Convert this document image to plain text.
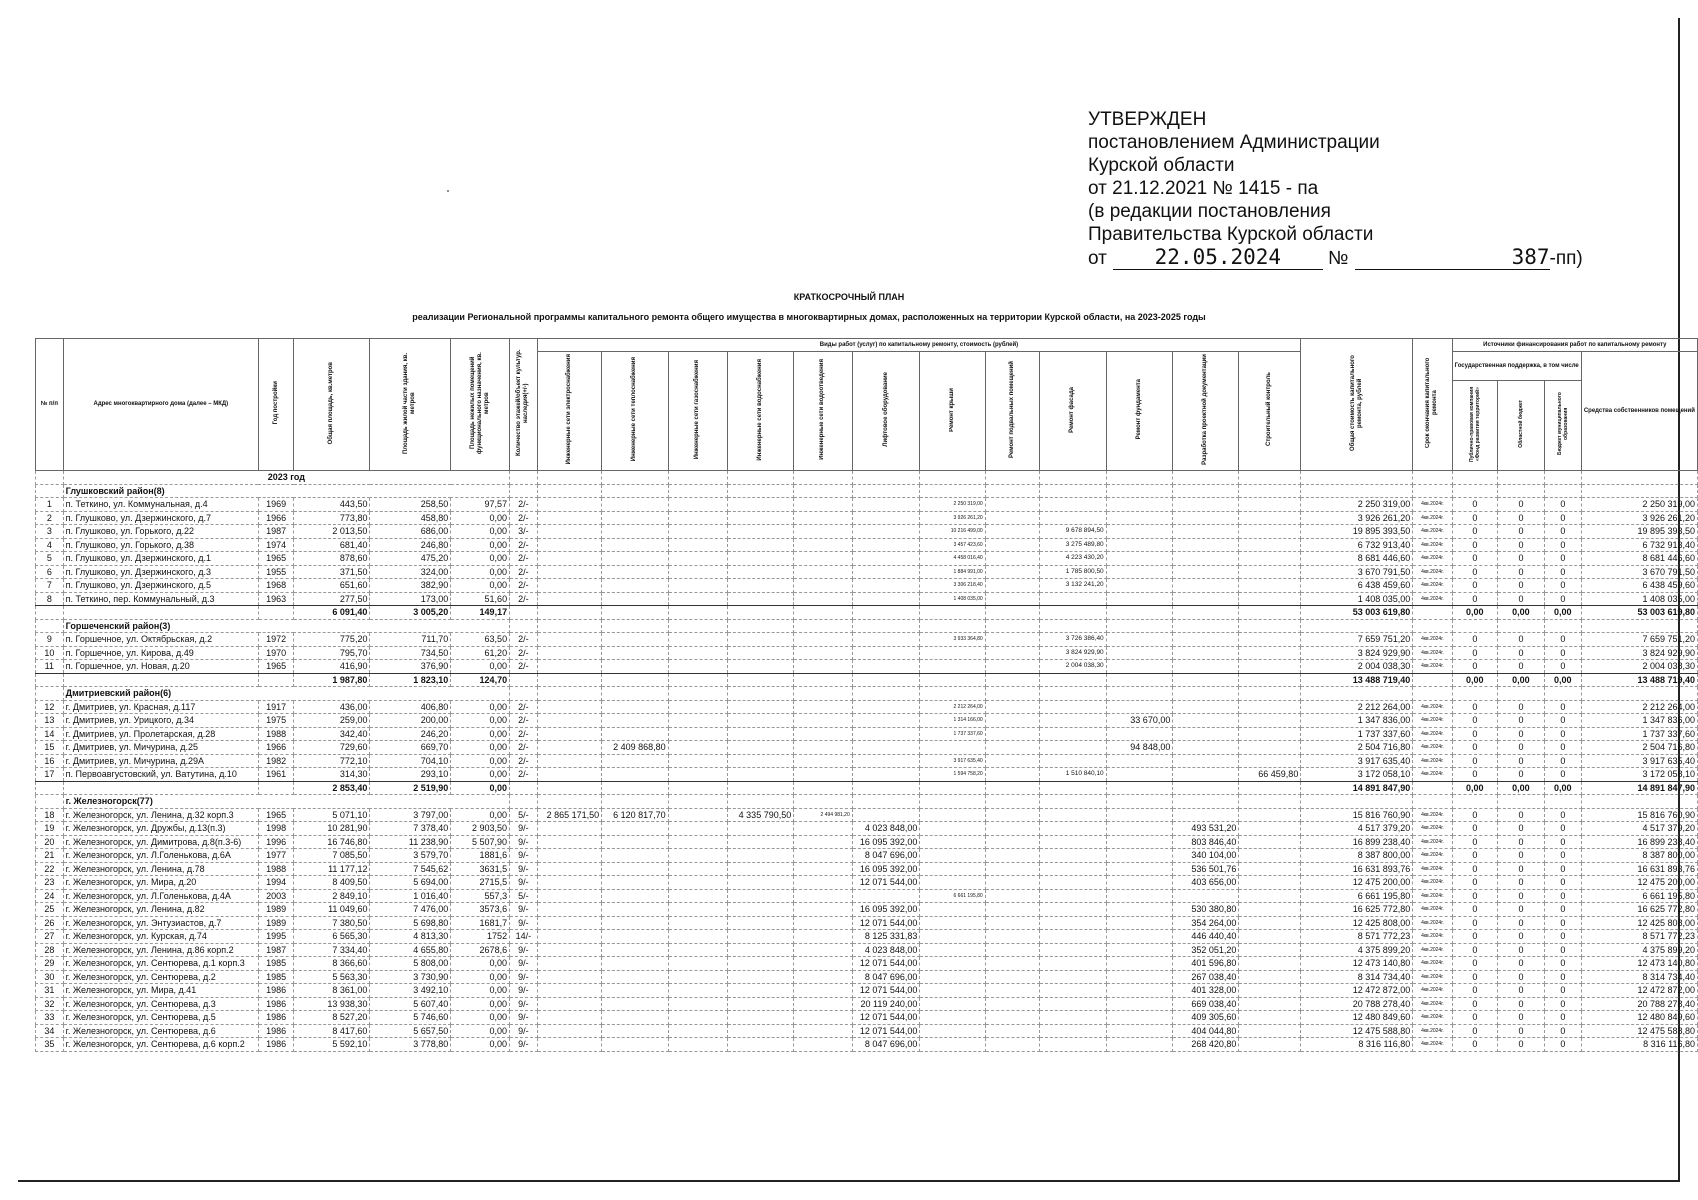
УТВЕРЖДЕН
постановлением Администрации
Курской области
от 21.12.2021 № 1415 - па
(в редакции постановления
Правительства Курской области
от 22.05.2024 №	387-пп)
КРАТКОСРОЧНЫЙ ПЛАН
реализации Региональной программы капитального ремонта общего имущества в многоквартирных домах, расположенных на территории Курской области, на 2023-2025 годы
№ п/п	Адрес многоквартирного дома (далее – МКД)	Год постройки	Общая площадь, кв.метров	Площадь жилой части здания, кв. метров	Площадь нежилых помещений функционального назначения, кв. метров	Количество этажей/объект культур. наследия(+/-)	Виды работ (услуг) по капитальному ремонту, стоимость (рублей)												Общая стоимость капитального ремонта, рублей	Срок окончания капитального ремонта	Источники финансирования работ по капитальному ремонту			
							Инженерные сети электроснабжения	Инженерные сети теплоснабжения	Инженерные сети газоснабжения	Инженерные сети водоснабжения	Инженерные сети водоотведения	Лифтовое оборудование	Ремонт крыши	Ремонт подвальных помещений	Ремонт фасада	Ремонт фундамента	Разработка проектной документации	Строительный контроль			Государственная поддержка, в том числе			Средства собственников помещений
																					Публично-правовая компания «Фонд развития территорий»	Областной бюджет	Бюджет муниципального образования	
	2023 год																							
	Глушковский район(8)																							
1	п. Теткино, ул. Коммунальная, д.4	1969	443,50	258,50	97,57	2/-							2 250 319,00						2 250 319,00	4кв.2024г.	0	0	0	2 250 319,00
2	п. Глушково, ул. Дзержинского, д.7	1966	773,80	458,80	0,00	2/-							3 926 261,20						3 926 261,20	4кв.2024г.	0	0	0	3 926 261,20
3	п. Глушково, ул. Горького, д.22	1987	2 013,50	686,00	0,00	3/-							10 216 499,00		9 678 894,50				19 895 393,50	4кв.2024г.	0	0	0	19 895 393,50
4	п. Глушково, ул. Горького, д.38	1974	681,40	246,80	0,00	2/-							3 457 423,60		3 275 489,80				6 732 913,40	4кв.2024г.	0	0	0	6 732 913,40
5	п. Глушково, ул. Дзержинского, д.1	1965	878,60	475,20	0,00	2/-							4 458 016,40		4 223 430,20				8 681 446,60	4кв.2024г.	0	0	0	8 681 446,60
6	п. Глушково, ул. Дзержинского, д.3	1955	371,50	324,00	0,00	2/-							1 884 991,00		1 785 800,50				3 670 791,50	4кв.2024г.	0	0	0	3 670 791,50
7	п. Глушково, ул. Дзержинского, д.5	1968	651,60	382,90	0,00	2/-							3 306 218,40		3 132 241,20				6 438 459,60	4кв.2024г.	0	0	0	6 438 459,60
8	п. Теткино, пер. Коммунальный, д.3	1963	277,50	173,00	51,60	2/-							1 408 035,00						1 408 035,00	4кв.2024г.	0	0	0	1 408 035,00
			6 091,40	3 005,20	149,17														53 003 619,80		0,00	0,00	0,00	53 003 619,80
	Горшеченский район(3)																							
9	п. Горшечное, ул. Октябрьская, д.2	1972	775,20	711,70	63,50	2/-							3 933 364,80		3 726 386,40				7 659 751,20	4кв.2024г.	0	0	0	7 659 751,20
10	п. Горшечное, ул. Кирова, д.49	1970	795,70	734,50	61,20	2/-									3 824 929,90				3 824 929,90	4кв.2024г.	0	0	0	3 824 929,90
11	п. Горшечное, ул. Новая, д.20	1965	416,90	376,90	0,00	2/-									2 004 038,30				2 004 038,30	4кв.2024г.	0	0	0	2 004 038,30
			1 987,80	1 823,10	124,70														13 488 719,40		0,00	0,00	0,00	13 488 719,40
	Дмитриевский район(6)																							
12	г. Дмитриев, ул. Красная, д.117	1917	436,00	406,80	0,00	2/-							2 212 264,00						2 212 264,00	4кв.2024г.	0	0	0	2 212 264,00
13	г. Дмитриев, ул. Урицкого, д.34	1975	259,00	200,00	0,00	2/-							1 314 166,00			33 670,00			1 347 836,00	4кв.2024г.	0	0	0	1 347 836,00
14	г. Дмитриев, ул. Пролетарская, д.28	1988	342,40	246,20	0,00	2/-							1 737 337,60						1 737 337,60	4кв.2024г.	0	0	0	1 737 337,60
15	г. Дмитриев, ул. Мичурина, д.25	1966	729,60	669,70	0,00	2/-		2 409 868,80								94 848,00			2 504 716,80	4кв.2024г.	0	0	0	2 504 716,80
16	г. Дмитриев, ул. Мичурина, д.29А	1982	772,10	704,10	0,00	2/-							3 917 635,40						3 917 635,40	4кв.2024г.	0	0	0	3 917 635,40
17	п. Первоавгустовский, ул. Ватутина, д.10	1961	314,30	293,10	0,00	2/-							1 594 758,20		1 510 840,10			66 459,80	3 172 058,10	4кв.2024г.	0	0	0	3 172 058,10
			2 853,40	2 519,90	0,00														14 891 847,90		0,00	0,00	0,00	14 891 847,90
	г. Железногорск(77)																							
18	г. Железногорск, ул. Ленина, д.32 корп.3	1965	5 071,10	3 797,00	0,00	5/-	2 865 171,50	6 120 817,70		4 335 790,50	2 494 981,20								15 816 760,90	4кв.2024г.	0	0	0	15 816 760,90
19	г. Железногорск, ул. Дружбы, д.13(п.3)	1998	10 281,90	7 378,40	2 903,50	9/-						4 023 848,00					493 531,20		4 517 379,20	4кв.2024г.	0	0	0	4 517 379,20
20	г. Железногорск, ул. Димитрова, д.8(п.3-6)	1996	16 746,80	11 238,90	5 507,90	9/-						16 095 392,00					803 846,40		16 899 238,40	4кв.2024г.	0	0	0	16 899 238,40
21	г. Железногорск, ул. Л.Голенькова, д.6А	1977	7 085,50	3 579,70	1881,6	9/-						8 047 696,00					340 104,00		8 387 800,00	4кв.2024г.	0	0	0	8 387 800,00
22	г. Железногорск, ул. Ленина, д.78	1988	11 177,12	7 545,62	3631,5	9/-						16 095 392,00					536 501,76		16 631 893,76	4кв.2024г.	0	0	0	16 631 893,76
23	г. Железногорск, ул. Мира, д.20	1994	8 409,50	5 694,00	2715,5	9/-						12 071 544,00					403 656,00		12 475 200,00	4кв.2024г.	0	0	0	12 475 200,00
24	г. Железногорск, ул. Л.Голенькова, д.4А	2003	2 849,10	1 016,40	557,3	5/-							6 661 195,80						6 661 195,80	4кв.2024г.	0	0	0	6 661 195,80
25	г. Железногорск, ул. Ленина, д.82	1989	11 049,60	7 476,00	3573,6	9/-						16 095 392,00					530 380,80		16 625 772,80	4кв.2024г.	0	0	0	16 625 772,80
26	г. Железногорск, ул. Энтузиастов, д.7	1989	7 380,50	5 698,80	1681,7	9/-						12 071 544,00					354 264,00		12 425 808,00	4кв.2024г.	0	0	0	12 425 808,00
27	г. Железногорск, ул. Курская, д.74	1995	6 565,30	4 813,30	1752	14/-						8 125 331,83					446 440,40		8 571 772,23	4кв.2024г.	0	0	0	8 571 772,23
28	г. Железногорск, ул. Ленина, д.86 корп.2	1987	7 334,40	4 655,80	2678,6	9/-						4 023 848,00					352 051,20		4 375 899,20	4кв.2024г.	0	0	0	4 375 899,20
29	г. Железногорск, ул. Сентюрева, д.1 корп.3	1985	8 366,60	5 808,00	0,00	9/-						12 071 544,00					401 596,80		12 473 140,80	4кв.2024г.	0	0	0	12 473 140,80
30	г. Железногорск, ул. Сентюрева, д.2	1985	5 563,30	3 730,90	0,00	9/-						8 047 696,00					267 038,40		8 314 734,40	4кв.2024г.	0	0	0	8 314 734,40
31	г. Железногорск, ул. Мира, д.41	1986	8 361,00	3 492,10	0,00	9/-						12 071 544,00					401 328,00		12 472 872,00	4кв.2024г.	0	0	0	12 472 872,00
32	г. Железногорск, ул. Сентюрева, д.3	1986	13 938,30	5 607,40	0,00	9/-						20 119 240,00					669 038,40		20 788 278,40	4кв.2024г.	0	0	0	20 788 278,40
33	г. Железногорск, ул. Сентюрева, д.5	1986	8 527,20	5 746,60	0,00	9/-						12 071 544,00					409 305,60		12 480 849,60	4кв.2024г.	0	0	0	12 480 849,60
34	г. Железногорск, ул. Сентюрева, д.6	1986	8 417,60	5 657,50	0,00	9/-						12 071 544,00					404 044,80		12 475 588,80	4кв.2024г.	0	0	0	12 475 588,80
35	г. Железногорск, ул. Сентюрева, д.6 корп.2	1986	5 592,10	3 778,80	0,00	9/-						8 047 696,00					268 420,80		8 316 116,80	4кв.2024г.	0	0	0	8 316 116,80
